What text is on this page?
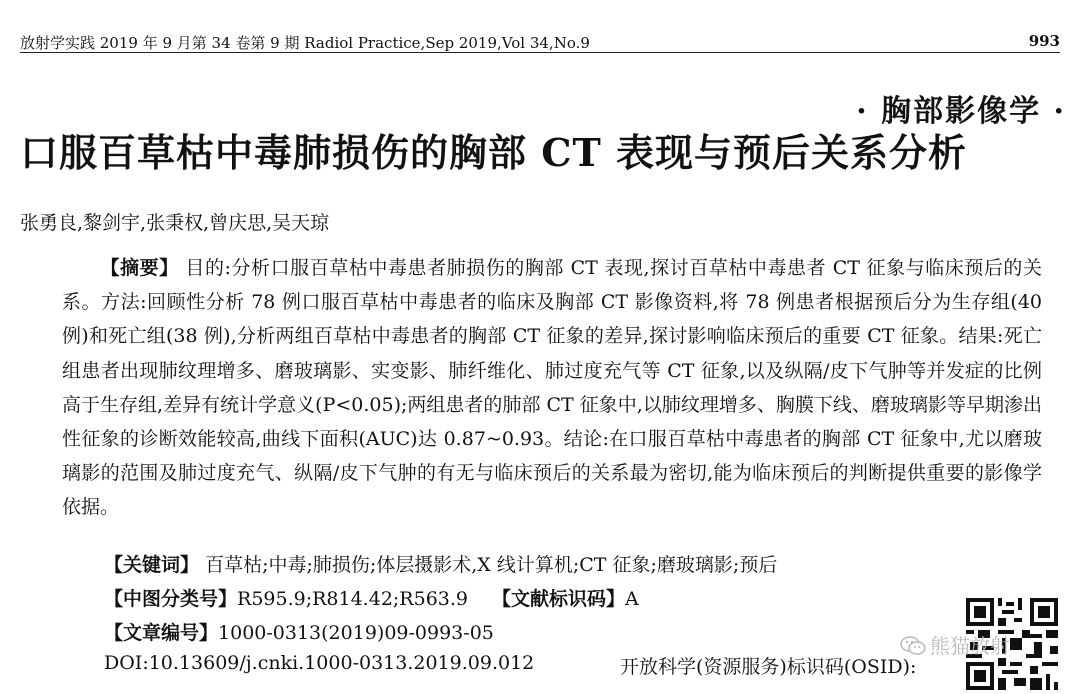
放射学实践 2019 年 9 月第 34 卷第 9 期 Radiol Practice,Sep 2019,Vol 34,No.9	993
· 胸部影像学 ·
口服百草枯中毒肺损伤的胸部 CT 表现与预后关系分析
张勇良,黎剑宇,张秉权,曾庆思,吴天琼
【摘要】 目的:分析口服百草枯中毒患者肺损伤的胸部 CT 表现,探讨百草枯中毒患者 CT 征象与临床预后的关系。方法:回顾性分析 78 例口服百草枯中毒患者的临床及胸部 CT 影像资料,将 78 例患者根据预后分为生存组(40 例)和死亡组(38 例),分析两组百草枯中毒患者的胸部 CT 征象的差异,探讨影响临床预后的重要 CT 征象。结果:死亡组患者出现肺纹理增多、磨玻璃影、实变影、肺纤维化、肺过度充气等 CT 征象,以及纵隔/皮下气肿等并发症的比例高于生存组,差异有统计学意义(P<0.05);两组患者的肺部 CT 征象中,以肺纹理增多、胸膜下线、磨玻璃影等早期渗出性征象的诊断效能较高,曲线下面积(AUC)达 0.87~0.93。结论:在口服百草枯中毒患者的胸部 CT 征象中,尤以磨玻璃影的范围及肺过度充气、纵隔/皮下气肿的有无与临床预后的关系最为密切,能为临床预后的判断提供重要的影像学依据。
【关键词】 百草枯;中毒;肺损伤;体层摄影术,X 线计算机;CT 征象;磨玻璃影;预后
【中图分类号】R595.9;R814.42;R563.9 【文献标识码】A
【文章编号】1000-0313(2019)09-0993-05
DOI:10.13609/j.cnki.1000-0313.2019.09.012	开放科学(资源服务)标识码(OSID):
熊猫放射
